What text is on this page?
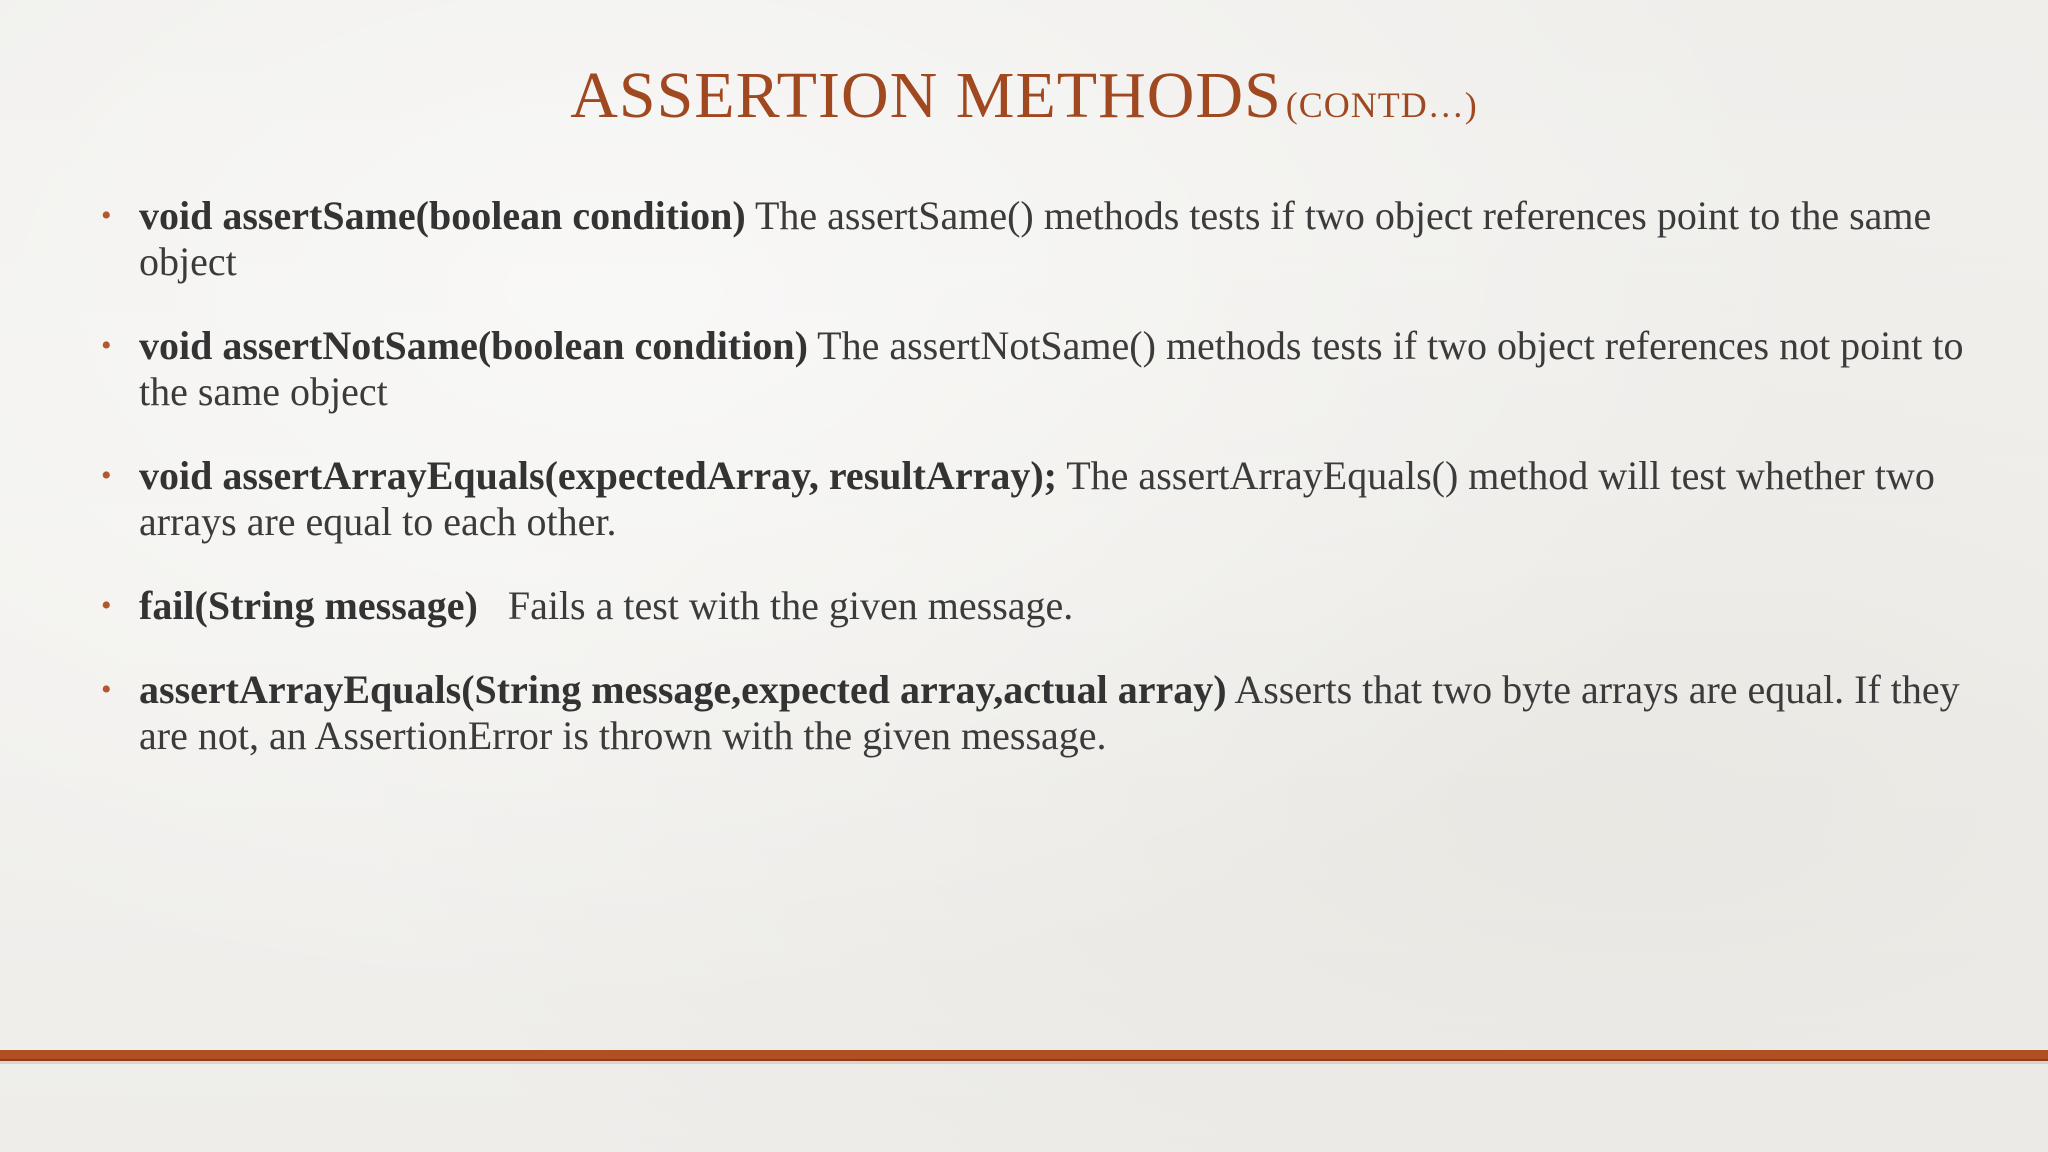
ASSERTION METHODS (CONTD…)
• void assertSame(boolean condition) The assertSame() methods tests if two object references point to the same object
• void assertNotSame(boolean condition) The assertNotSame() methods tests if two object references not point to the same object
• void assertArrayEquals(expectedArray, resultArray); The assertArrayEquals() method will test whether two arrays are equal to each other.
• fail(String message)   Fails a test with the given message.
• assertArrayEquals(String message,expected array,actual array) Asserts that two byte arrays are equal. If they are not, an AssertionError is thrown with the given message.
